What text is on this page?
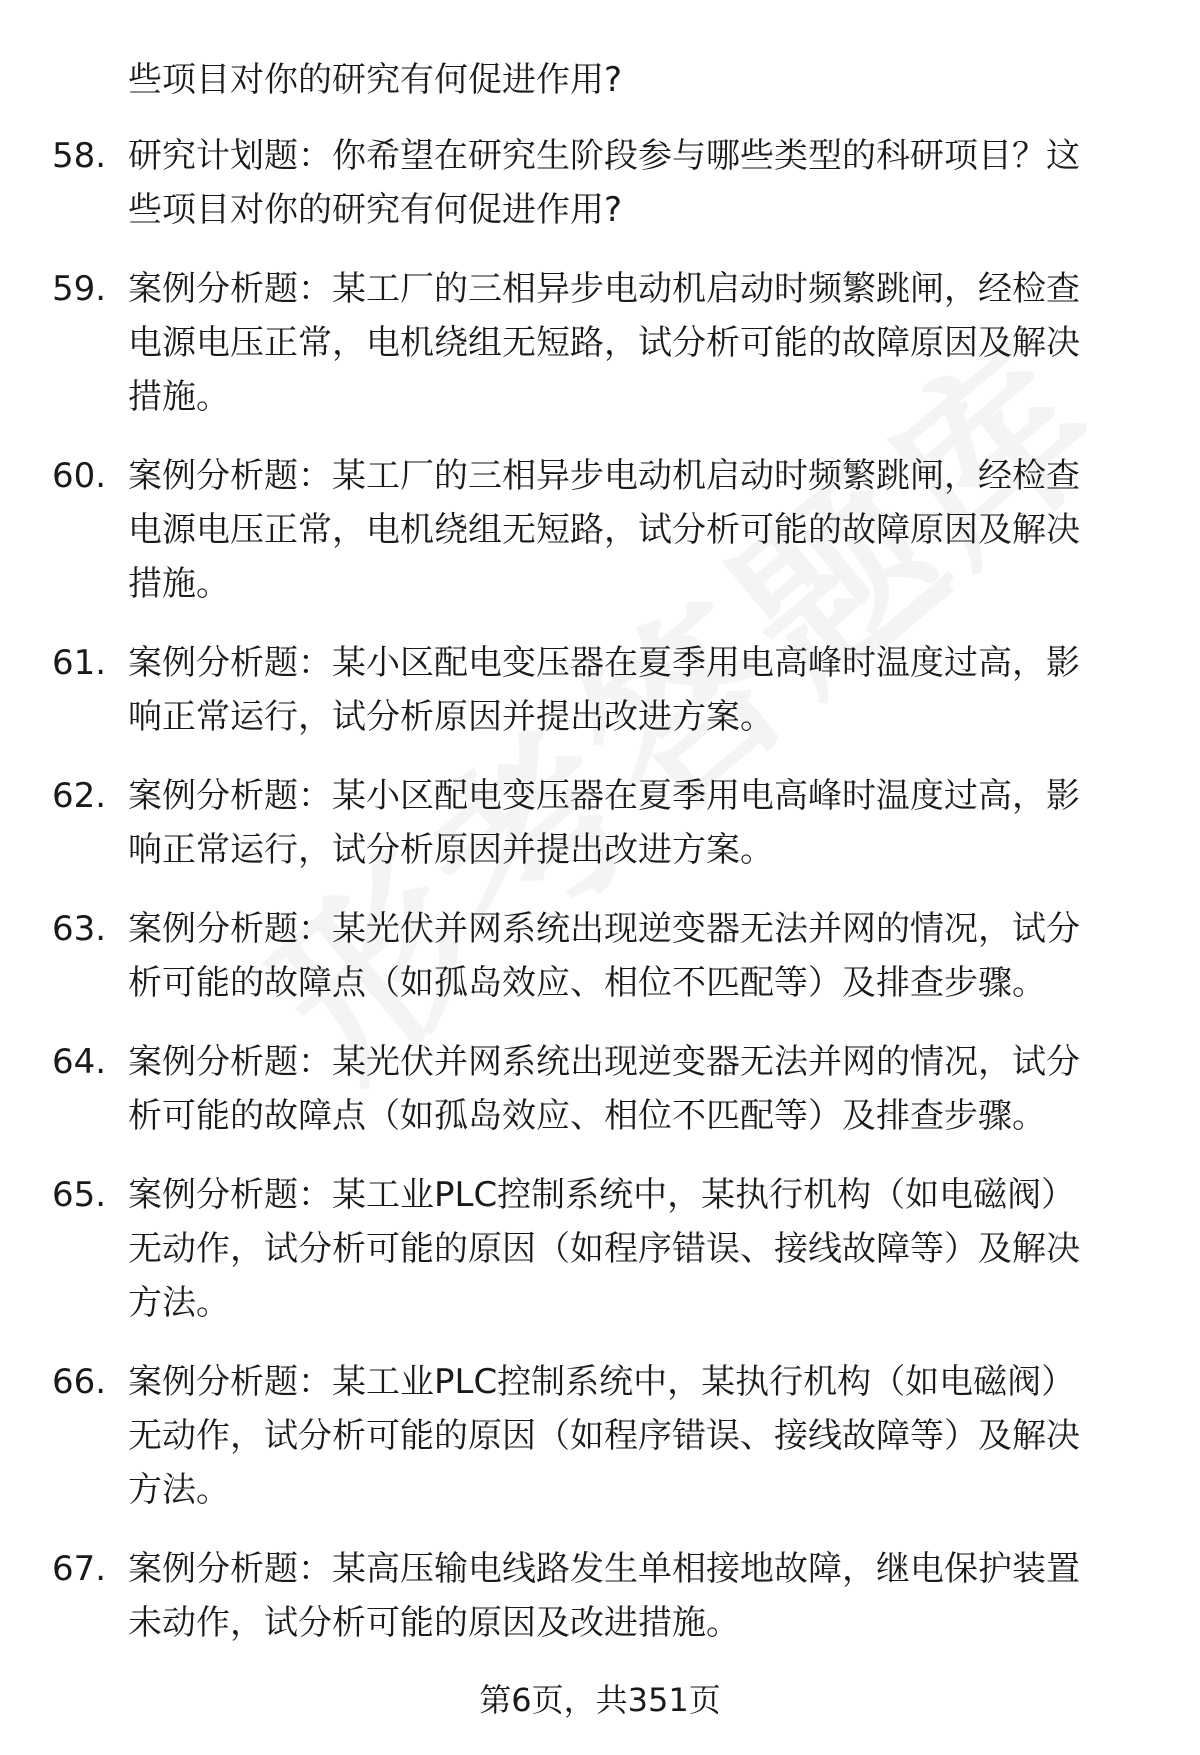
些项目对你的研究有何促进作用?
58. 研究计划题：你希望在研究生阶段参与哪些类型的科研项目？这
些项目对你的研究有何促进作用?
59. 案例分析题：某工厂的三相异步电动机启动时频繁跳闸，经检查
电源电压正常，电机绕组无短路，试分析可能的故障原因及解决
措施。
60. 案例分析题：某工厂的三相异步电动机启动时频繁跳闸，经检查
电源电压正常，电机绕组无短路，试分析可能的故障原因及解决
措施。
61. 案例分析题：某小区配电变压器在夏季用电高峰时温度过高，影
响正常运行，试分析原因并提出改进方案。
62. 案例分析题：某小区配电变压器在夏季用电高峰时温度过高，影
响正常运行，试分析原因并提出改进方案。
63. 案例分析题：某光伏并网系统出现逆变器无法并网的情况，试分
析可能的故障点（如孤岛效应、相位不匹配等）及排查步骤。
64. 案例分析题：某光伏并网系统出现逆变器无法并网的情况，试分
析可能的故障点（如孤岛效应、相位不匹配等）及排查步骤。
65. 案例分析题：某工业PLC控制系统中，某执行机构（如电磁阀）
无动作，试分析可能的原因（如程序错误、接线故障等）及解决
方法。
66. 案例分析题：某工业PLC控制系统中，某执行机构（如电磁阀）
无动作，试分析可能的原因（如程序错误、接线故障等）及解决
方法。
67. 案例分析题：某高压输电线路发生单相接地故障，继电保护装置
未动作，试分析可能的原因及改进措施。
第6页，共351页
